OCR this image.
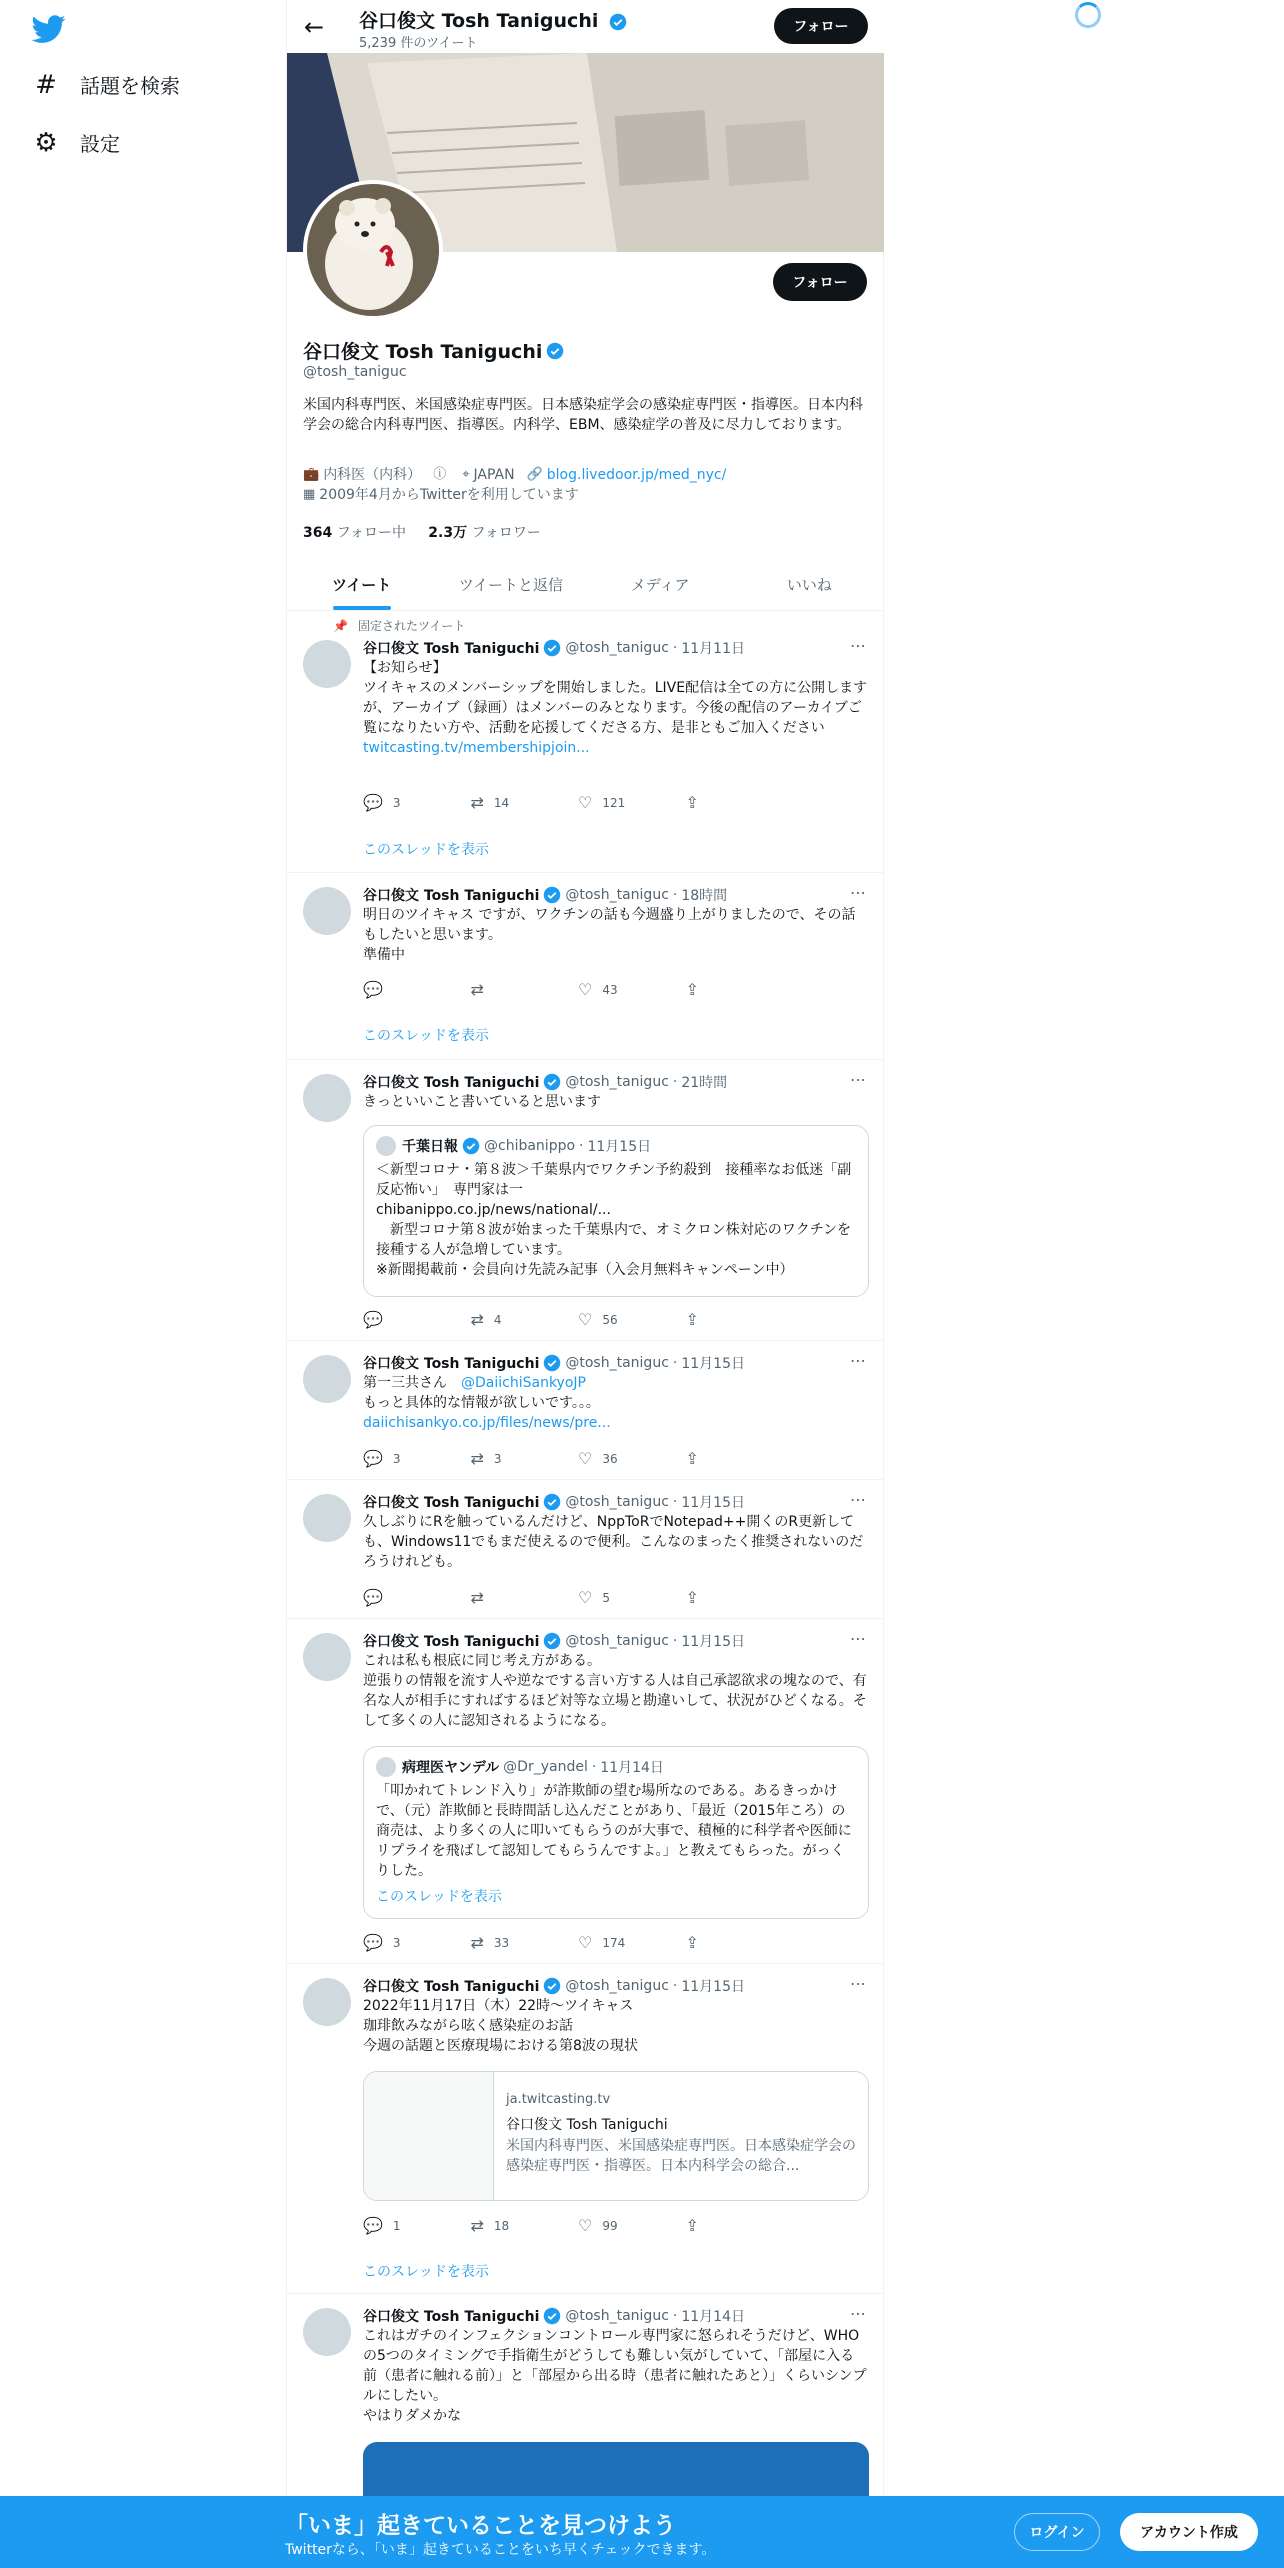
# 話題を検索
⚙ 設定
← 谷口俊文 Tosh Taniguchi
5,239 件のツイート
フォロー
フォロー
谷口俊文 Tosh Taniguchi
@tosh_taniguc
米国内科専門医、米国感染症専門医。日本感染症学会の感染症専門医・指導医。日本内科学会の総合内科専門医、指導医。内科学、EBM、感染症学の普及に尽力しております。
💼 内科医（内科） ⓘ ⌖ JAPAN 🔗 blog.livedoor.jp/med_nyc/
▦ 2009年4月からTwitterを利用しています
364 フォロー中 2.3万 フォロワー
ツイート	ツイートと返信	メディア	いいね
📌 固定されたツイート
⋯
谷口俊文 Tosh Taniguchi @tosh_taniguc · 11月11日
【お知らせ】
ツイキャスのメンバーシップを開始しました。LIVE配信は全ての方に公開しますが、アーカイブ（録画）はメンバーのみとなります。今後の配信のアーカイブご覧になりたい方や、活動を応援してくださる方、是非ともご加入ください
twitcasting.tv/membershipjoin...
💬 3	⇄ 14	♡ 121	⇪
このスレッドを表示
⋯
谷口俊文 Tosh Taniguchi @tosh_taniguc · 18時間
明日のツイキャス ですが、ワクチンの話も今週盛り上がりましたので、その話もしたいと思います。
準備中
💬	⇄	♡ 43	⇪
このスレッドを表示
⋯
谷口俊文 Tosh Taniguchi @tosh_taniguc · 21時間
きっといいこと書いていると思います
千葉日報 @chibanippo · 11月15日
＜新型コロナ・第８波＞千葉県内でワクチン予約殺到　接種率なお低迷「副反応怖い」　専門家は一
chibanippo.co.jp/news/national/...
　新型コロナ第８波が始まった千葉県内で、オミクロン株対応のワクチンを接種する人が急増しています。
※新聞掲載前・会員向け先読み記事（入会月無料キャンペーン中）
💬	⇄ 4	♡ 56	⇪
⋯
谷口俊文 Tosh Taniguchi @tosh_taniguc · 11月15日
第一三共さん　@DaiichiSankyoJP
もっと具体的な情報が欲しいです。。。
daiichisankyo.co.jp/files/news/pre...
💬 3	⇄ 3	♡ 36	⇪
⋯
谷口俊文 Tosh Taniguchi @tosh_taniguc · 11月15日
久しぶりにRを触っているんだけど、NppToRでNotepad++開くのR更新しても、Windows11でもまだ使えるので便利。こんなのまったく推奨されないのだろうけれども。
💬	⇄	♡ 5	⇪
⋯
谷口俊文 Tosh Taniguchi @tosh_taniguc · 11月15日
これは私も根底に同じ考え方がある。
逆張りの情報を流す人や逆なでする言い方する人は自己承認欲求の塊なので、有名な人が相手にすればするほど対等な立場と勘違いして、状況がひどくなる。そして多くの人に認知されるようになる。
病理医ヤンデル @Dr_yandel · 11月14日
「叩かれてトレンド入り」が詐欺師の望む場所なのである。あるきっかけで、（元）詐欺師と長時間話し込んだことがあり、「最近（2015年ころ）の商売は、より多くの人に叩いてもらうのが大事で、積極的に科学者や医師にリプライを飛ばして認知してもらうんですよ。」と教えてもらった。がっくりした。
このスレッドを表示
💬 3	⇄ 33	♡ 174	⇪
⋯
谷口俊文 Tosh Taniguchi @tosh_taniguc · 11月15日
2022年11月17日（木）22時～ツイキャス
珈琲飲みながら呟く感染症のお話
今週の話題と医療現場における第8波の現状
ja.twitcasting.tv
谷口俊文 Tosh Taniguchi
米国内科専門医、米国感染症専門医。日本感染症学会の感染症専門医・指導医。日本内科学会の総合...
💬 1	⇄ 18	♡ 99	⇪
このスレッドを表示
⋯
谷口俊文 Tosh Taniguchi @tosh_taniguc · 11月14日
これはガチのインフェクションコントロール専門家に怒られそうだけど、WHOの5つのタイミングで手指衛生がどうしても難しい気がしていて、「部屋に入る前（患者に触れる前）」と「部屋から出る時（患者に触れたあと）」くらいシンプルにしたい。
やはりダメかな
「いま」起きていることを見つけよう
Twitterなら、「いま」起きていることをいち早くチェックできます。
ログイン	アカウント作成
